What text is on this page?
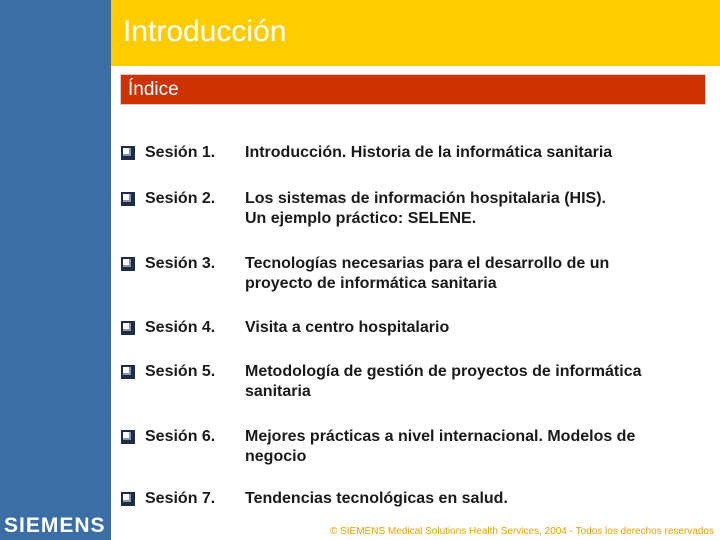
SIEMENS
Introducción
Índice
Sesión 1. Introducción. Historia de la informática sanitaria
Sesión 2. Los sistemas de información hospitalaria (HIS).
Un ejemplo práctico: SELENE.
Sesión 3. Tecnologías necesarias para el desarrollo de un
proyecto de informática sanitaria
Sesión 4. Visita a centro hospitalario
Sesión 5. Metodología de gestión de proyectos de informática
sanitaria
Sesión 6. Mejores prácticas a nivel internacional. Modelos de
negocio
Sesión 7. Tendencias tecnológicas en salud.
© SIEMENS Medical Solutions Health Services, 2004 - Todos los derechos reservados
